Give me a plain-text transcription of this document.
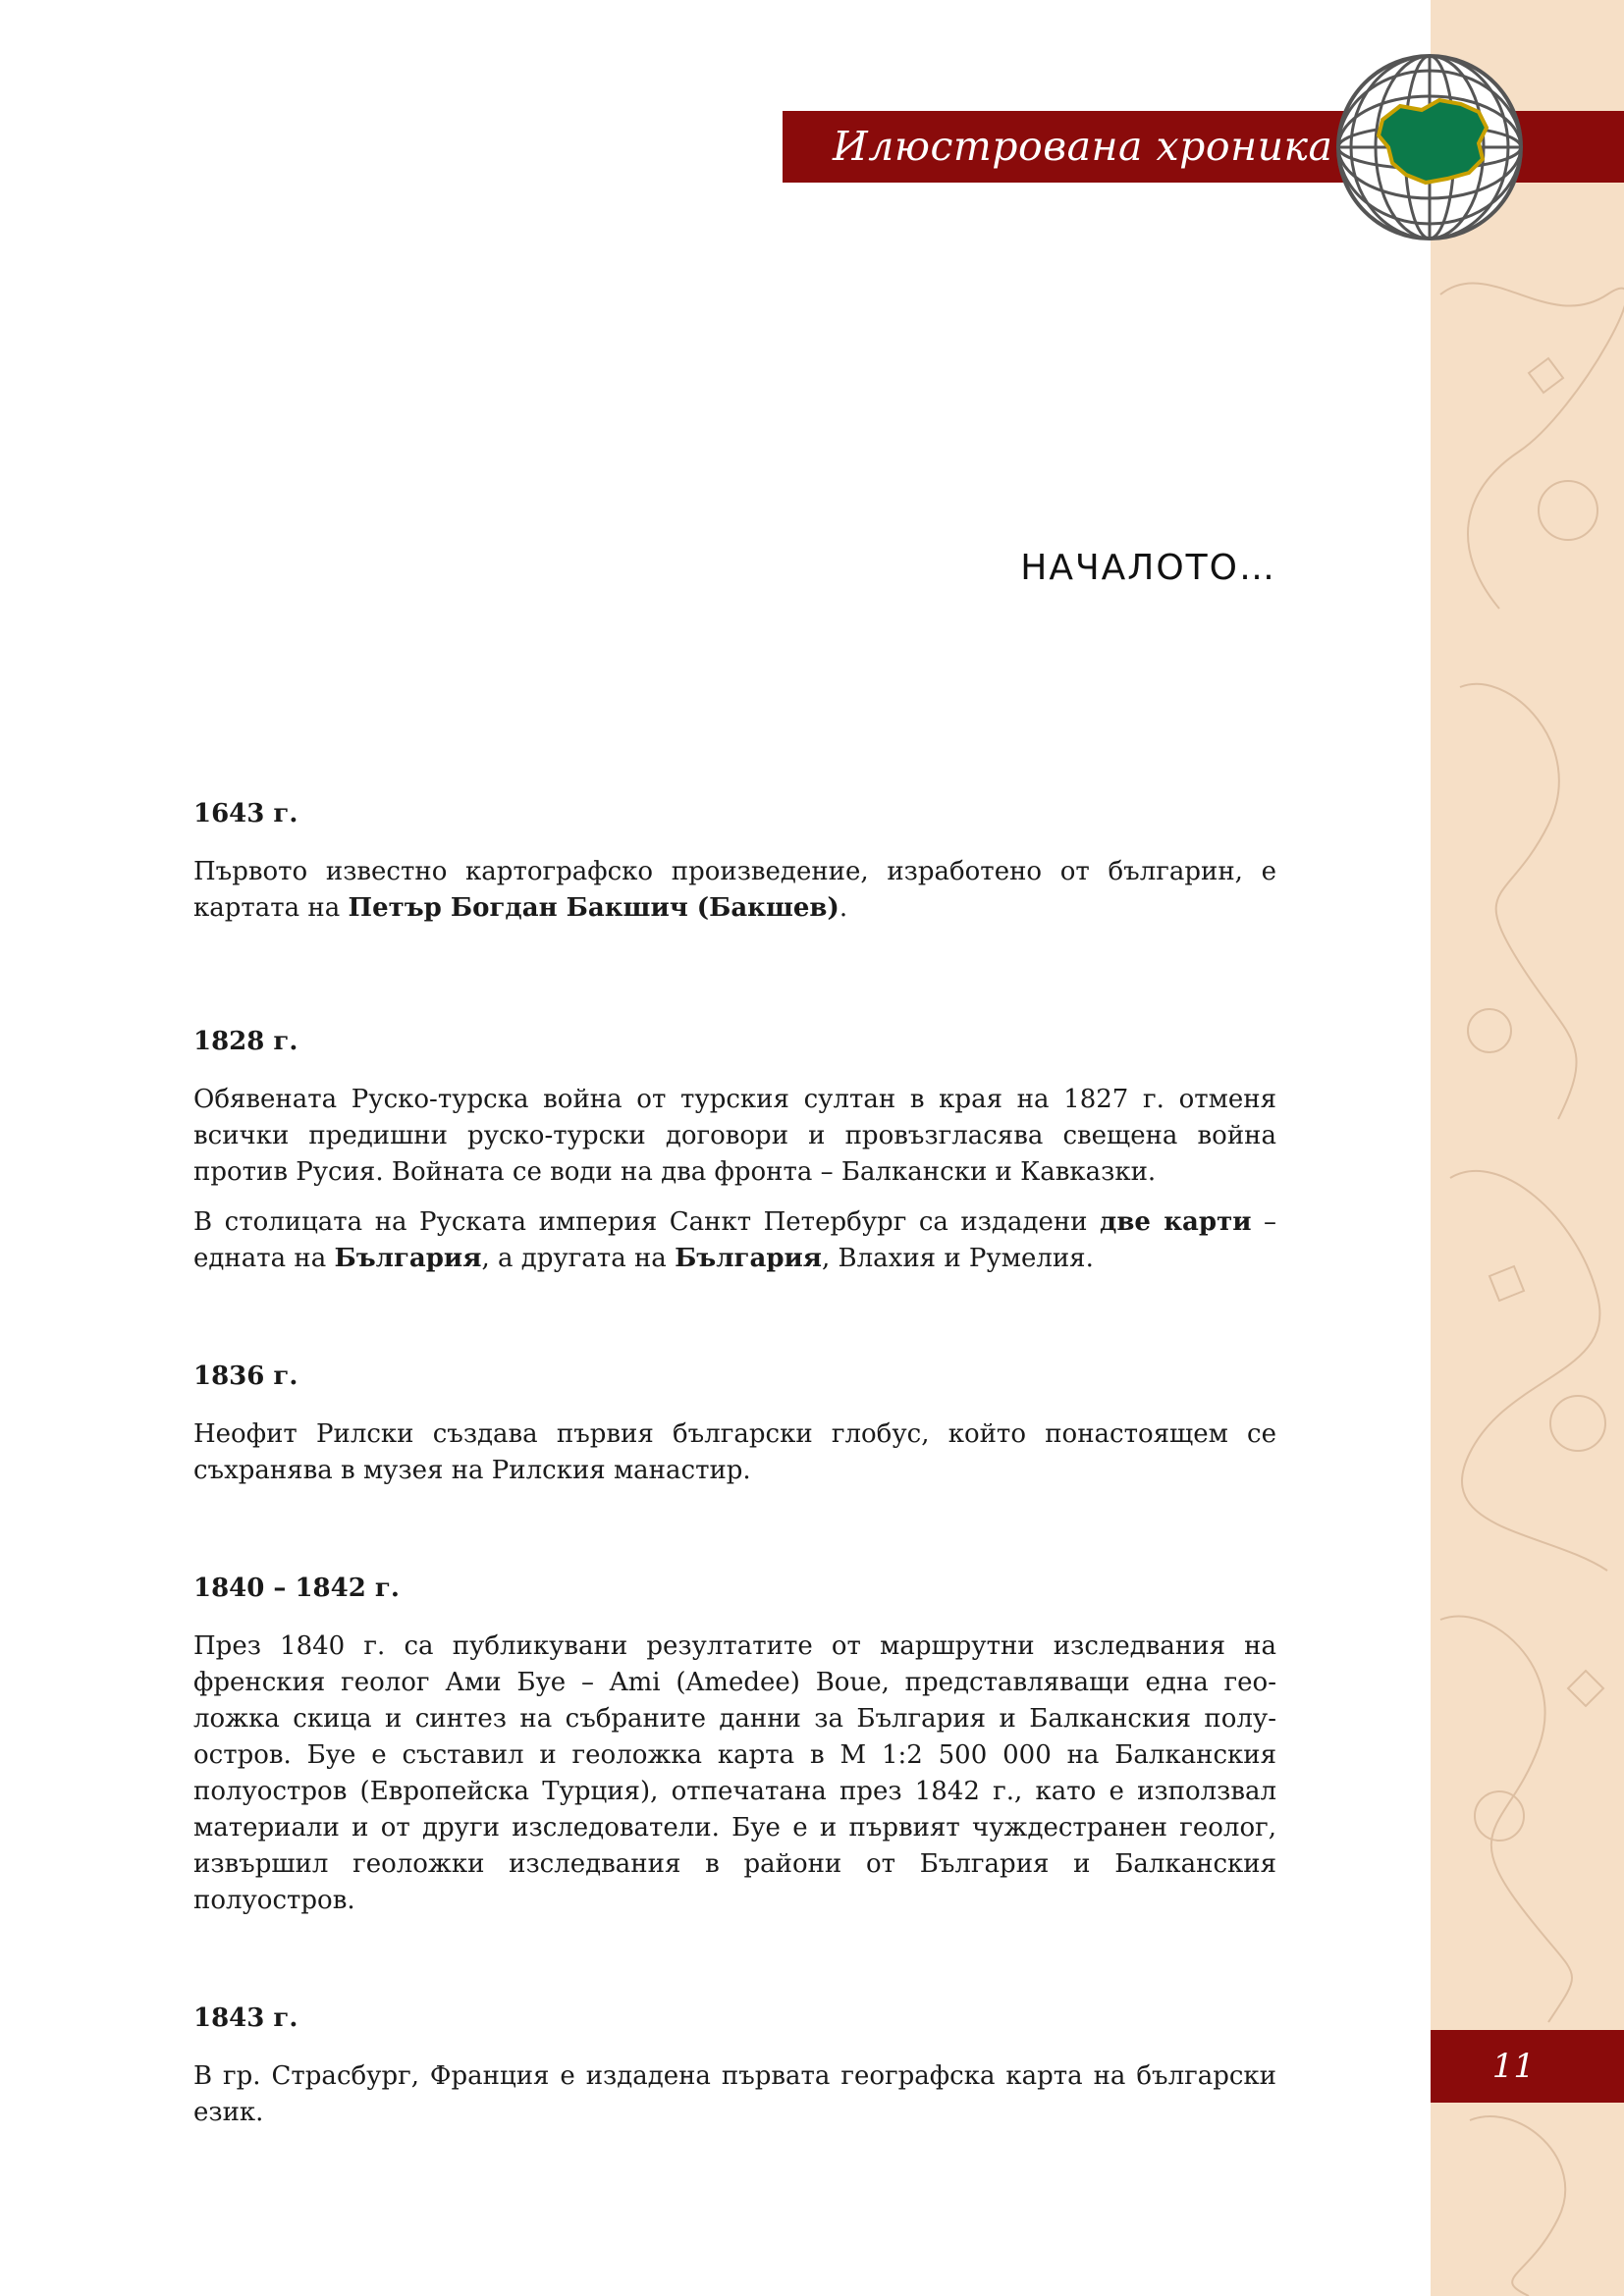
Илюстрована хроника
НАЧАЛОТО…
1643 г.

Първото известно картографско произведение, изработено от българин, е картата на Петър Богдан Бакшич (Бакшев).

1828 г.

Обявената Руско-турска война от турския султан в края на 1827 г. отменя всички предишни руско-турски договори и провъзгласява свещена война против Русия. Войната се води на два фронта – Балкански и Кавказки.

В столицата на Руската империя Санкт Петербург са издадени две карти – едната на България, а другата на България, Влахия и Румелия.

1836 г.

Неофит Рилски създава първия български глобус, който понастоящем се съхранява в музея на Рилския манастир.

1840 – 1842 г.

През 1840 г. са публикувани резултатите от маршрутни изследвания на френския геолог Ами Буе – Ami (Amedee) Boue, представляващи една геоложка скица и синтез на събраните данни за България и Балканския полуостров. Буе е съставил и геоложка карта в М 1:2 500 000 на Балканския полуостров (Европейска Турция), отпечатана през 1842 г., като е използвал материали и от други изследователи. Буе е и първият чуждестранен геолог, извършил геоложки изследвания в райони от България и Балканския полуостров.

1843 г.

В гр. Страсбург, Франция е издадена първата географска карта на български език.

11
